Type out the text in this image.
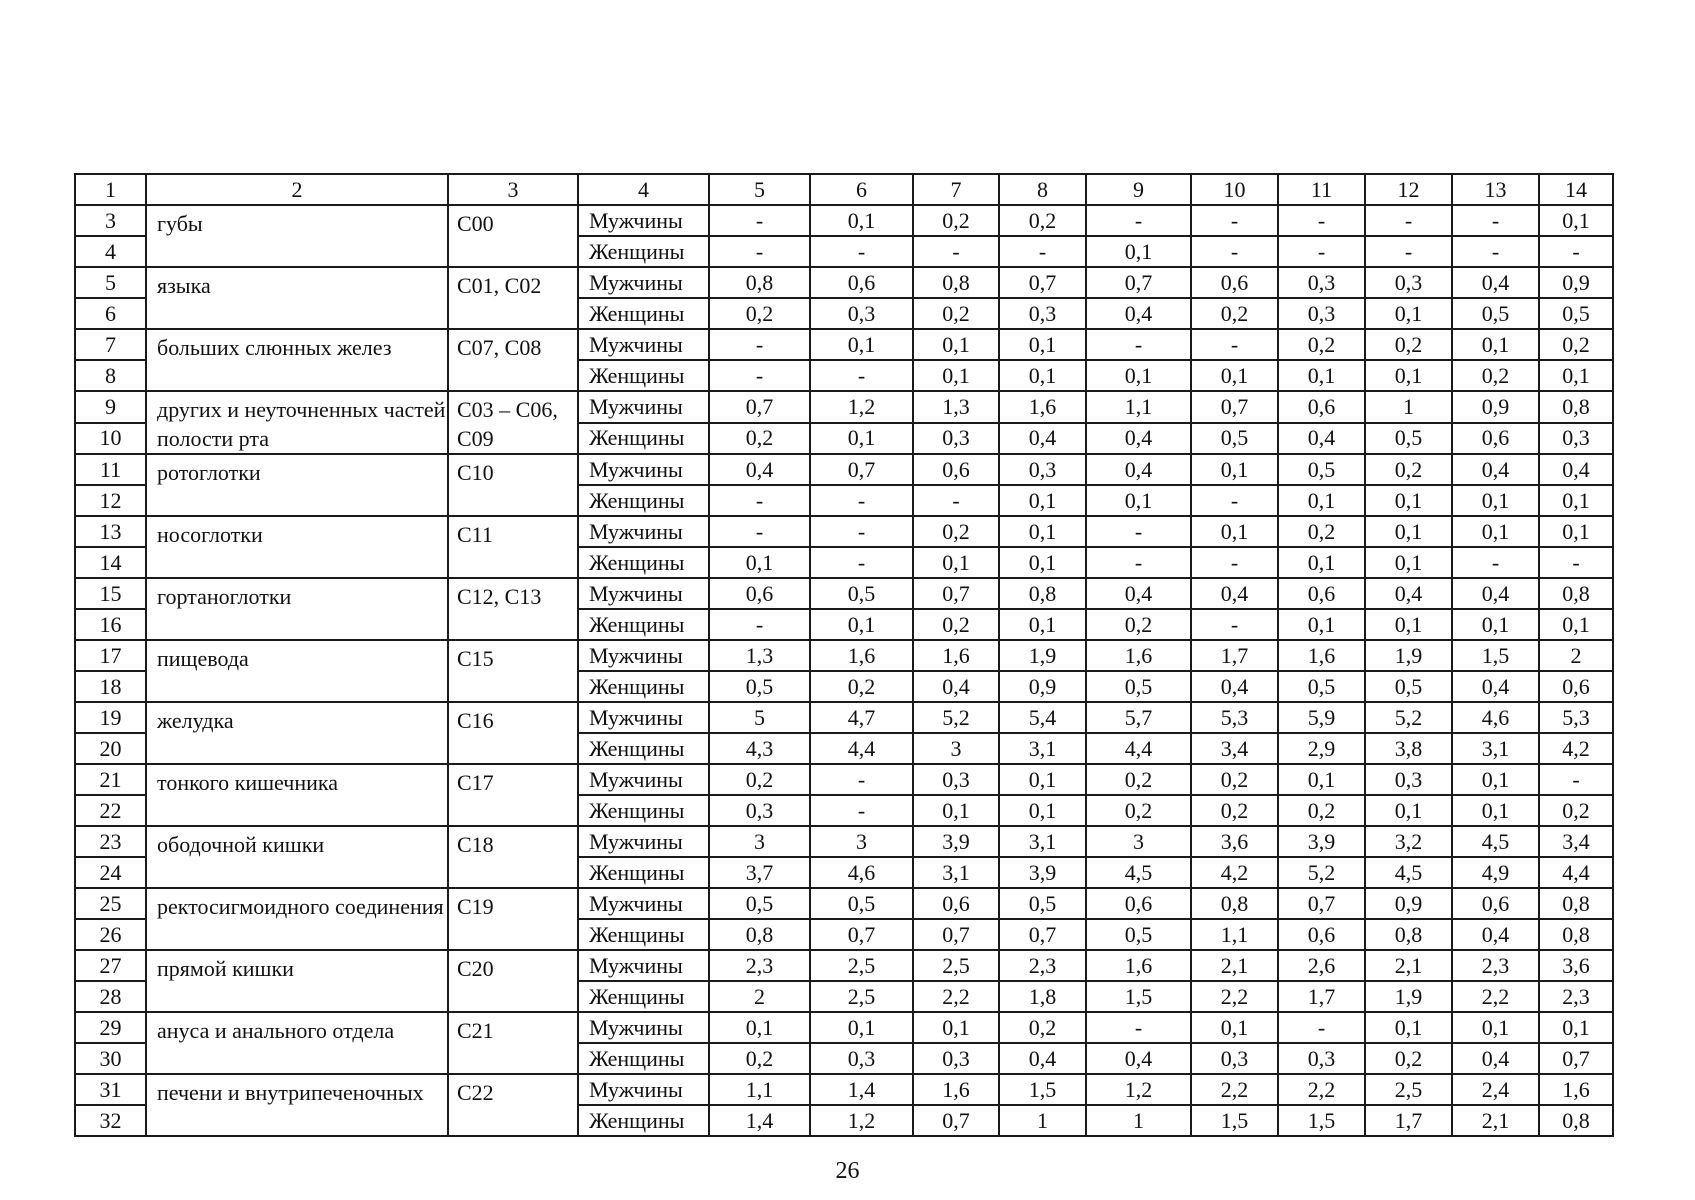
1	2	3	4	5	6	7	8	9	10	11	12	13	14
3	губы	C00	Мужчины	-	0,1	0,2	0,2	-	-	-	-	-	0,1
4			Женщины	-	-	-	-	0,1	-	-	-	-	-
5	языка	C01, C02	Мужчины	0,8	0,6	0,8	0,7	0,7	0,6	0,3	0,3	0,4	0,9
6			Женщины	0,2	0,3	0,2	0,3	0,4	0,2	0,3	0,1	0,5	0,5
7	больших слюнных желез	C07, C08	Мужчины	-	0,1	0,1	0,1	-	-	0,2	0,2	0,1	0,2
8			Женщины	-	-	0,1	0,1	0,1	0,1	0,1	0,1	0,2	0,1
9	других и неуточненных частей полости рта	C03 – C06, C09	Мужчины	0,7	1,2	1,3	1,6	1,1	0,7	0,6	1	0,9	0,8
10			Женщины	0,2	0,1	0,3	0,4	0,4	0,5	0,4	0,5	0,6	0,3
11	ротоглотки	C10	Мужчины	0,4	0,7	0,6	0,3	0,4	0,1	0,5	0,2	0,4	0,4
12			Женщины	-	-	-	0,1	0,1	-	0,1	0,1	0,1	0,1
13	носоглотки	C11	Мужчины	-	-	0,2	0,1	-	0,1	0,2	0,1	0,1	0,1
14			Женщины	0,1	-	0,1	0,1	-	-	0,1	0,1	-	-
15	гортаноглотки	C12, C13	Мужчины	0,6	0,5	0,7	0,8	0,4	0,4	0,6	0,4	0,4	0,8
16			Женщины	-	0,1	0,2	0,1	0,2	-	0,1	0,1	0,1	0,1
17	пищевода	C15	Мужчины	1,3	1,6	1,6	1,9	1,6	1,7	1,6	1,9	1,5	2
18			Женщины	0,5	0,2	0,4	0,9	0,5	0,4	0,5	0,5	0,4	0,6
19	желудка	C16	Мужчины	5	4,7	5,2	5,4	5,7	5,3	5,9	5,2	4,6	5,3
20			Женщины	4,3	4,4	3	3,1	4,4	3,4	2,9	3,8	3,1	4,2
21	тонкого кишечника	C17	Мужчины	0,2	-	0,3	0,1	0,2	0,2	0,1	0,3	0,1	-
22			Женщины	0,3	-	0,1	0,1	0,2	0,2	0,2	0,1	0,1	0,2
23	ободочной кишки	C18	Мужчины	3	3	3,9	3,1	3	3,6	3,9	3,2	4,5	3,4
24			Женщины	3,7	4,6	3,1	3,9	4,5	4,2	5,2	4,5	4,9	4,4
25	ректосигмоидного соединения	C19	Мужчины	0,5	0,5	0,6	0,5	0,6	0,8	0,7	0,9	0,6	0,8
26			Женщины	0,8	0,7	0,7	0,7	0,5	1,1	0,6	0,8	0,4	0,8
27	прямой кишки	C20	Мужчины	2,3	2,5	2,5	2,3	1,6	2,1	2,6	2,1	2,3	3,6
28			Женщины	2	2,5	2,2	1,8	1,5	2,2	1,7	1,9	2,2	2,3
29	ануса и анального отдела	C21	Мужчины	0,1	0,1	0,1	0,2	-	0,1	-	0,1	0,1	0,1
30			Женщины	0,2	0,3	0,3	0,4	0,4	0,3	0,3	0,2	0,4	0,7
31	печени и внутрипеченочных	C22	Мужчины	1,1	1,4	1,6	1,5	1,2	2,2	2,2	2,5	2,4	1,6
32			Женщины	1,4	1,2	0,7	1	1	1,5	1,5	1,7	2,1	0,8
26
